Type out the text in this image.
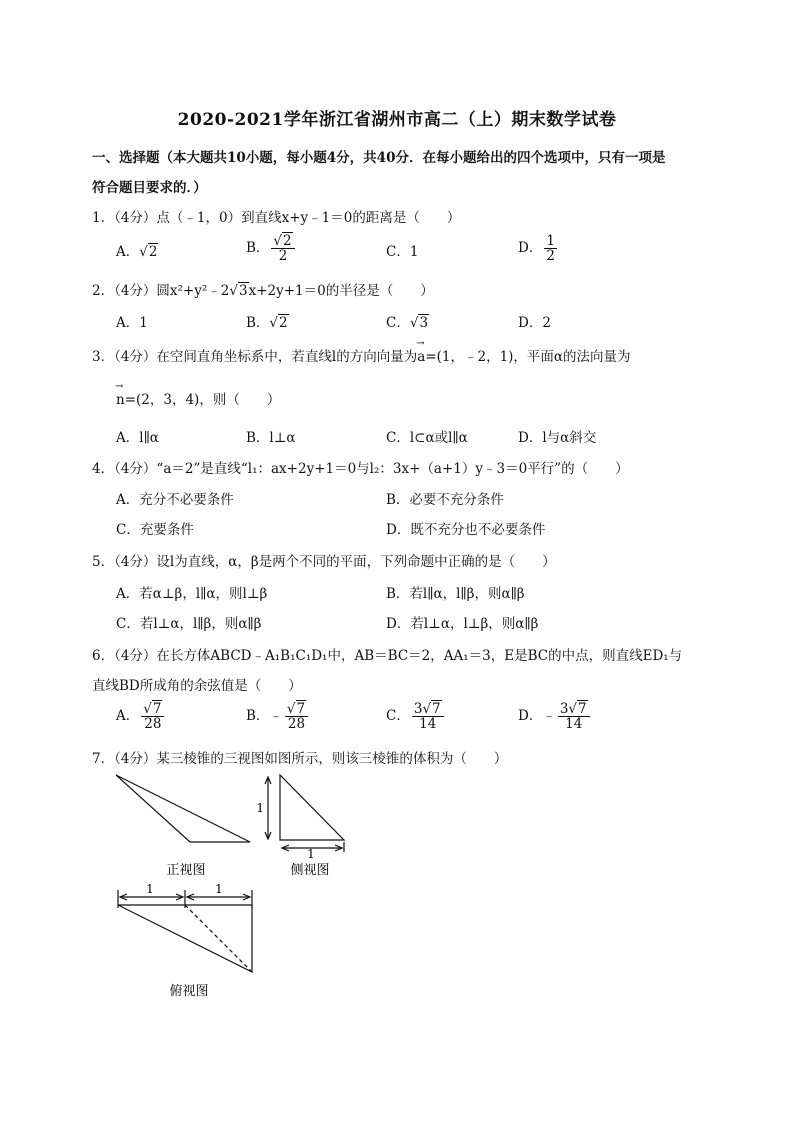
2020-2021学年浙江省湖州市高二（上）期末数学试卷
一、选择题（本大题共10小题，每小题4分，共40分．在每小题给出的四个选项中，只有一项是
符合题目要求的．）
1．（4分）点（﹣1，0）到直线x+y﹣1＝0的距离是（　　）
A．√2	B． $\frac{√2}{2}$	C．1	D． $\frac{1}{2}$
2．（4分）圆x²+y²﹣2√3x+2y+1＝0的半径是（　　）
A．1	B．√2	C．√3	D．2
3．（4分）在空间直角坐标系中，若直线l的方向向量为→ a=(1，﹣2，1)，平面α的法向量为
→ n=(2，3，4)，则（　　）
A．l∥α	B．l⊥α	C．l⊂α或l∥α	D．l与α斜交
4．（4分）“a＝2”是直线“l₁：ax+2y+1＝0与l₂：3x+（a+1）y﹣3＝0平行”的（　　）
A．充分不必要条件	B．必要不充分条件
C．充要条件	D．既不充分也不必要条件
5．（4分）设l为直线，α，β是两个不同的平面，下列命题中正确的是（　　）
A．若α⊥β，l∥α，则l⊥β	B．若l∥α，l∥β，则α∥β
C．若l⊥α，l∥β，则α∥β	D．若l⊥α，l⊥β，则α∥β
6．（4分）在长方体ABCD﹣A₁B₁C₁D₁中，AB＝BC＝2，AA₁＝3，E是BC的中点，则直线ED₁与
直线BD所成角的余弦值是（　　）
A． $\frac{√7}{28}$	B．﹣ $\frac{√7}{28}$	C． $\frac{3√7}{14}$	D．﹣ $\frac{3√7}{14}$
7．（4分）某三棱锥的三视图如图所示，则该三棱锥的体积为（　　）
正视图
1
1
侧视图
1	1
俯视图
